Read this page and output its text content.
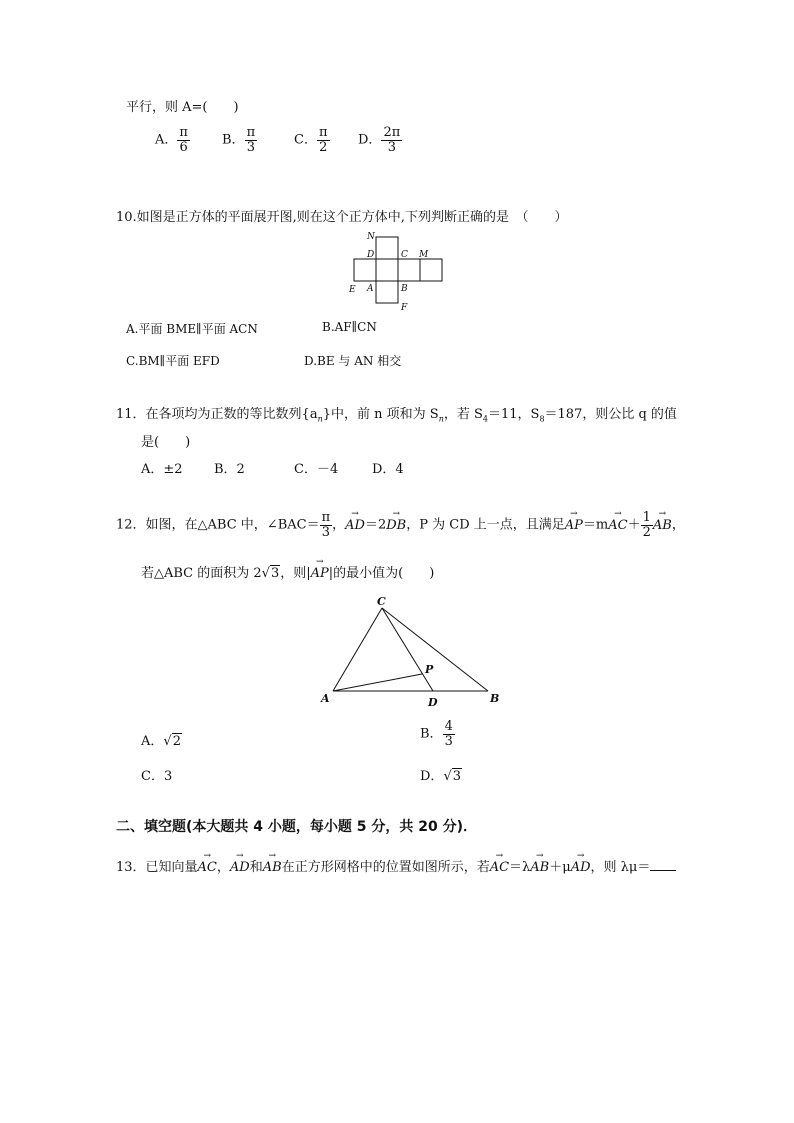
平行，则 A=(　　)
A． $\frac{\pi}{6}$ B． $\frac{\pi}{3}$	C． $\frac{\pi}{2}$ D． $\frac{2\pi}{3}$
10.如图是正方体的平面展开图,则在这个正方体中,下列判断正确的是　（　　）
N
D	C M
E A	B
F
A.平面 BME∥平面 ACN	B.AF∥CN
C.BM∥平面 EFD	D.BE 与 AN 相交
11．在各项均为正数的等比数列$\{a_n\}$中，前 n 项和为 $S_n$，若 $S_4=11$，$S_8=187$，则公比 q 的值
是(　　)
A．±2 B．2	C．－4	D．4
12．如图，在△ABC 中，∠BAC＝ $\frac{\pi}{3}$ ，→ AD＝2→ DB，P 为 CD 上一点，且满足→ $AP=m\to AC+ \frac{1}{2}$
→ AB，
若△ABC 的面积为 2√3，则|→ AP|的最小值为(　　)
C
P
A	D	B
A．√2	B． $\frac{4}{3}$
C．3	D．√3
二、填空题(本大题共 4 小题，每小题 5 分，共 20 分)．
13．已知向量→ AC，→ AD和→ AB在正方形网格中的位置如图所示，若→ AC＝λ→ AB＋μ→ AD，则 λμ＝
